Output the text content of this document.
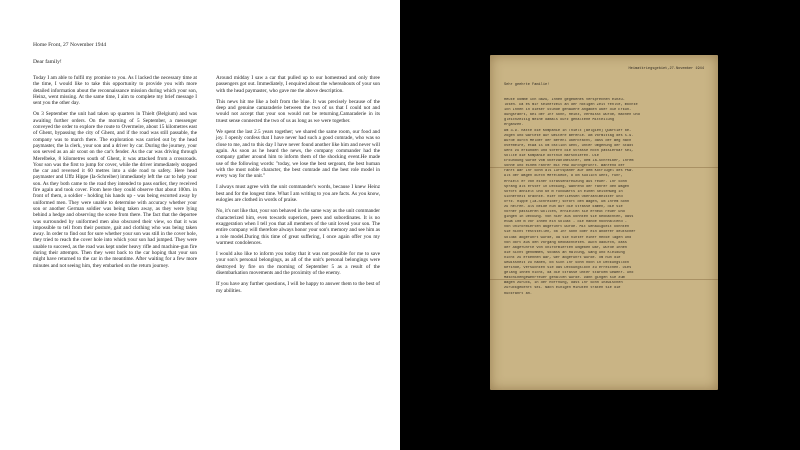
Home Front, 27 November 1944
Dear family!

Today I am able to fulfil my promise to you. As I lacked the necessary time at the time, I would like to take this opportunity to provide you with more detailed information about the reconnaissance mission during which your son, Heinz, went missing. At the same time, I aim to complete my brief message I sent you the other day.

On 3 September the unit had taken up quarters in Thielt (Belgium) and was awaiting further orders. On the morning of 5 September, a messenger conveyed the order to explore the route to Overmeire, about 15 kilometres east of Ghent, bypassing the city of Ghent, and if the road was still passable, the company was to march there. The exploration was carried out by the head paymaster, the la clerk, your son and a driver by car. During the journey, your son served as an air scout on the car's fender. As the car was driving through Merelbeke, 8 kilometres south of Ghent, it was attacked from a crossroads. Your son was the first to jump for cover, while the driver immediately stopped the car and reversed it 60 metres into a side road to safety. Here head paymaster and Uffz Hippe (Ia-Schreiber) immediately left the car to help your son. As they both came to the road they intended to pass earlier, they received fire again and took cover. From here they could observe that about 100m. in front of them, a soldier - holding his hands up - was being escorted away by uniformed men. They were unable to determine with accuracy whether your son or another German soldier was being taken away, as they were lying behind a hedge and observing the scene from there. The fact that the deportee was surrounded by uniformed men also obscured their view, so that it was impossible to tell from their posture, gait and clothing who was being taken away. In order to find out for sure whether your son was still in the cover hole, they tried to reach the cover hole into which your son had jumped. They were unable to succeed, as the road was kept under heavy rifle and machine-gun fire during their attempts. Then they went back to the car hoping that your son might have returned to the car in the meantime. After waiting for a few more minutes and not seeing him, they embarked on the return journey.

Around midday I saw a car that pulled up to our homestead and only three passengers got out. Immediately, I enquired about the whereabouts of your son with the head paymaster, who gave me the above description.

This news hit me like a bolt from the blue. It was precisely because of the deep and genuine camaraderie between the two of us that I could not and would not accept that your son would not be returning.Camaraderie in its truest sense connected the two of us as long as we were together.

We spent the last 2.5 years together; we shared the same room, our food and joy. I openly confess that I have never had such a good comrade, who was so close to me, and to this day I have never found another like him and never will again. As soon as he heard the news, the company commander had the company gather around him to inform them of the shocking event.He made use of the following words: "today, we lose the best sergeant, the best human with the most noble character, the best comrade and the best role model in every way for the unit."

I always must agree with the unit commander's words, because I knew Heinz best and for the longest time. What I am writing to you are facts. As you know, eulogies are clothed in words of praise.

No, it's not like that, your son behaved in the same way as the unit commander characterized him, even towards superiors, peers and subordinates. It is no exaggeration when I tell you that all members of the unit loved your son. The entire company will therefore always honor your son's memory and see him as a role model.During this time of great suffering, I once again offer you my warmest condolences.

I would also like to inform you today that it was not possible for me to save your son's personal belongings, as all of the unit's personal belongings were destroyed by fire on the morning of September 5 as a result of the disembarkation movements and the proximity of the enemy.

If you have any further questions, I will be happy to answer them to the best of my abilities.

Heimatkriegsgebiet,27.November 1944
Sehr geehrte Familie!
Heute komme ich dazu, Ihnen gegebenes Versprechen einzu-
lösen. Da es mir seinerzeit an der nötigen Zeit fehlte, möchte
ich Ihnen in dieser Stunde genauere Angaben über die Erkun-
dungsfahrt, bei der Ihr Sohn, Heinz, vermisst wurde, machen und
gleichzeitig meine damals kurz gehaltene Mitteilung
ergänzen.
Am 3.9. hatte die Kompanie in Thielt (Belgien) Quartier be-
zogen und wartete auf weitere Befehle. Am Vormittag des 5.9.
wurde durch Melder der Befehl überbracht, dass der Weg nach
Overmeire, etwa 15 km östlich Gent, unter Umgehung der Stadt
Gent zu erkunden und sofern die Strasse noch passierbar sei,
sollte die Kompanie dorthin marschieren. Die
Erkundung wurde vom Oberzahlmeister, dem Ia-Schreiber, Ihrem
Sohne und einem Fahrer mit PKW durchgeführt. Während der
Fahrt war Ihr Sohn als Luftspäher auf dem Kotflügel des PKW.
Als der Wagen durch Merelbeke, 8 km südlich Gent, fuhr,
erhielt er von einer Strassenkreuzung aus Feuer. Ihr Sohn
sprang als erster in Deckung, während der Fahrer den Wagen
sofort anhielt und 60 m rückwärts in einen Seitenweg in
Sicherheit brachte. Hier verliessen Oberzahlmeister und
Uffz. Hippe (Ia-Schreiber) sofort den Wagen, um Ihrem Sohn
zu helfen. Als beide nun auf die Strasse kamen, die sie
vorher passieren wollten, erhielten sie erneut Feuer und
gingen in Deckung. Von hier aus konnten sie beobachten, dass
etwa 100 m vor ihnen ein Soldat - die Hände hochhaltend -
von Uniformierten abgeführt wurde. Mit Genauigkeit konnten
sie nicht feststellen, ob Ihr Sohn oder ein anderer deutscher
Soldat abgeführt wurde, da sie hinter einer Hecke lagen und
von dort aus den Vorgang beobachteten. Auch dadurch, dass
der Abgeführte von Uniformierten umgeben war, wurde ihnen
die Sicht genommen, sodass an Haltung, Gang und Kleidung
nicht zu erkennen war, wer abgeführt wurde. Um nun die
Gewissheit zu haben, ob sich Ihr Sohn noch in Deckungsloch
befinde, versuchten sie das Deckungsloch zu erreichen. Dies
gelang ihnen nicht, da die Strasse unter starkem Gewehr- und
Maschinengewehrfeuer gehalten wurde. Dann gingen sie zum
Wagen zurück, in der Hoffnung, dass Ihr Sohn inzwischen
zurückgekehrt sei. Nach einigen Minuten traten sie die
Rückfahrt an.
